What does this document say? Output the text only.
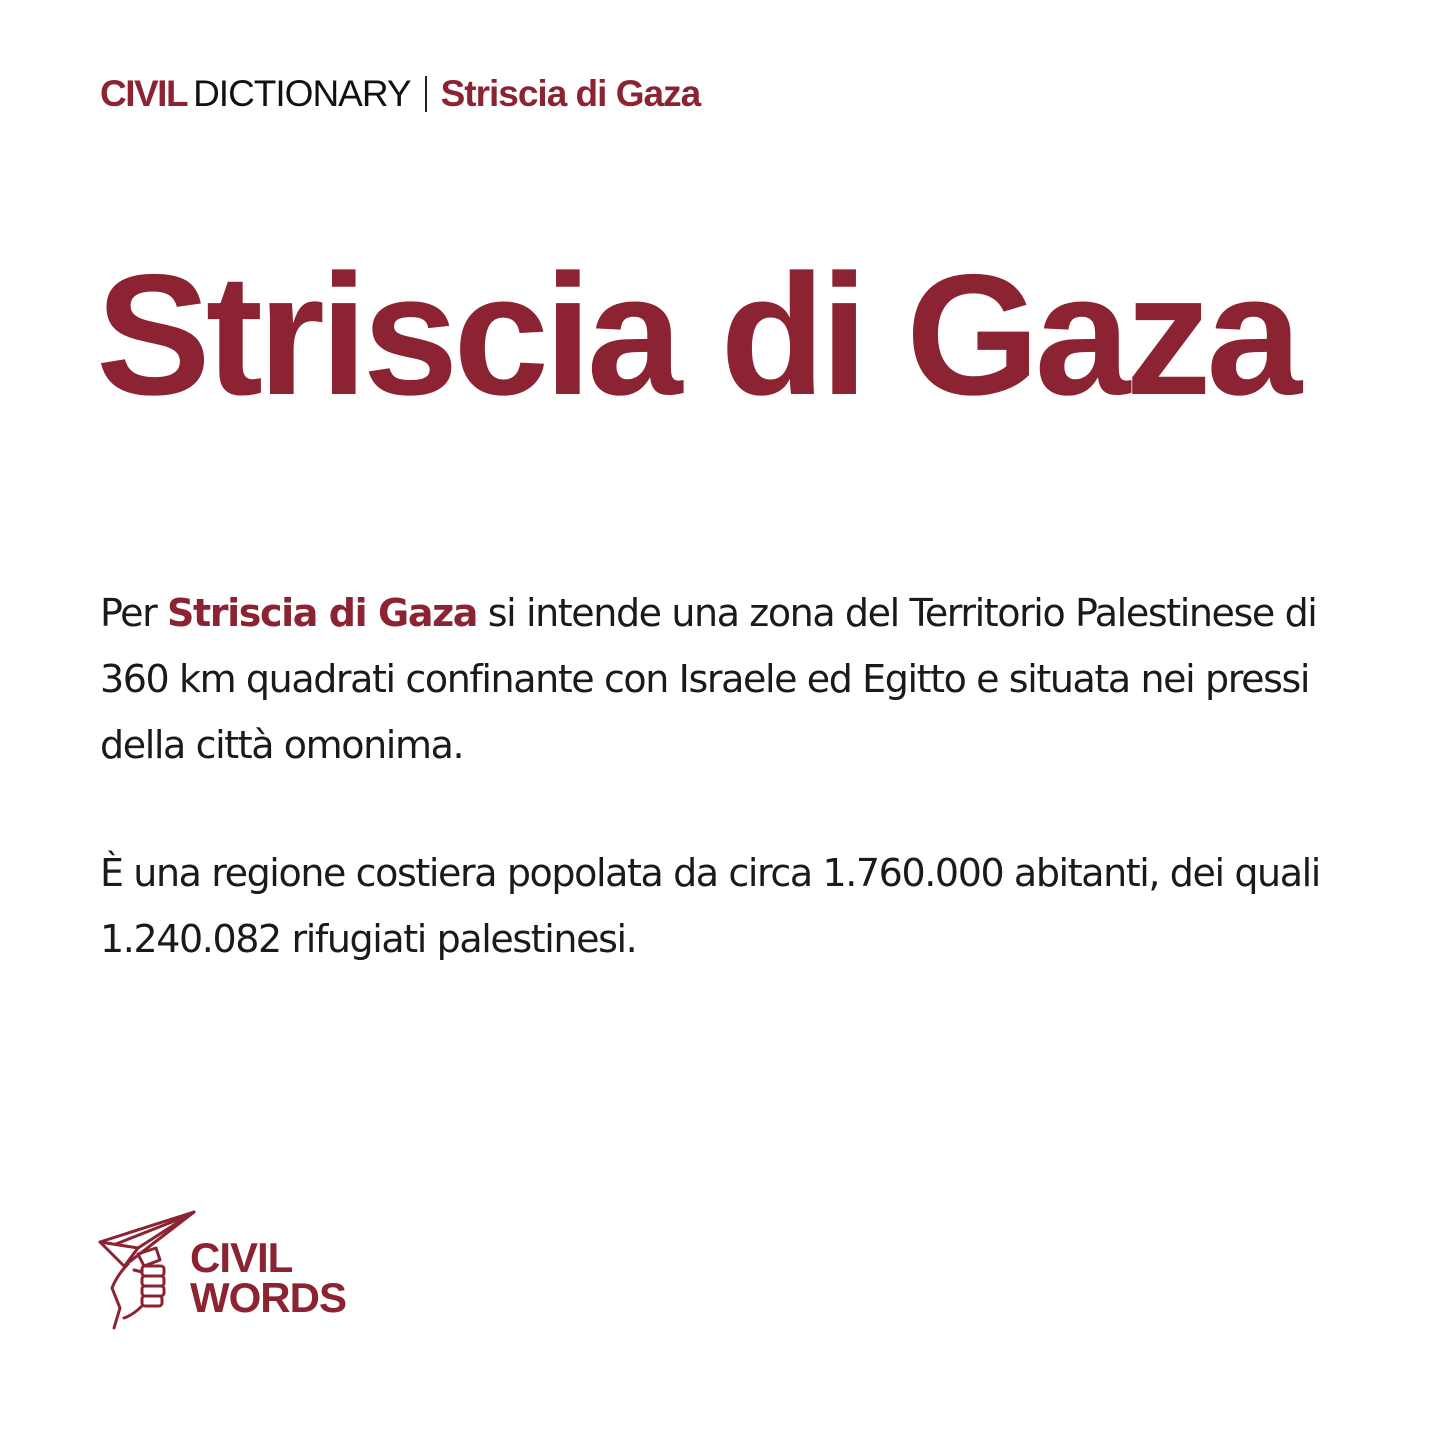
CIVIL DICTIONARY Striscia di Gaza
Striscia di Gaza

Per Striscia di Gaza si intende una zona del Territorio Palestinese di 360 km quadrati confinante con Israele ed Egitto e situata nei pressi della città omonima.

È una regione costiera popolata da circa 1.760.000 abitanti, dei quali 1.240.082 rifugiati palestinesi.

CIVIL
WORDS
